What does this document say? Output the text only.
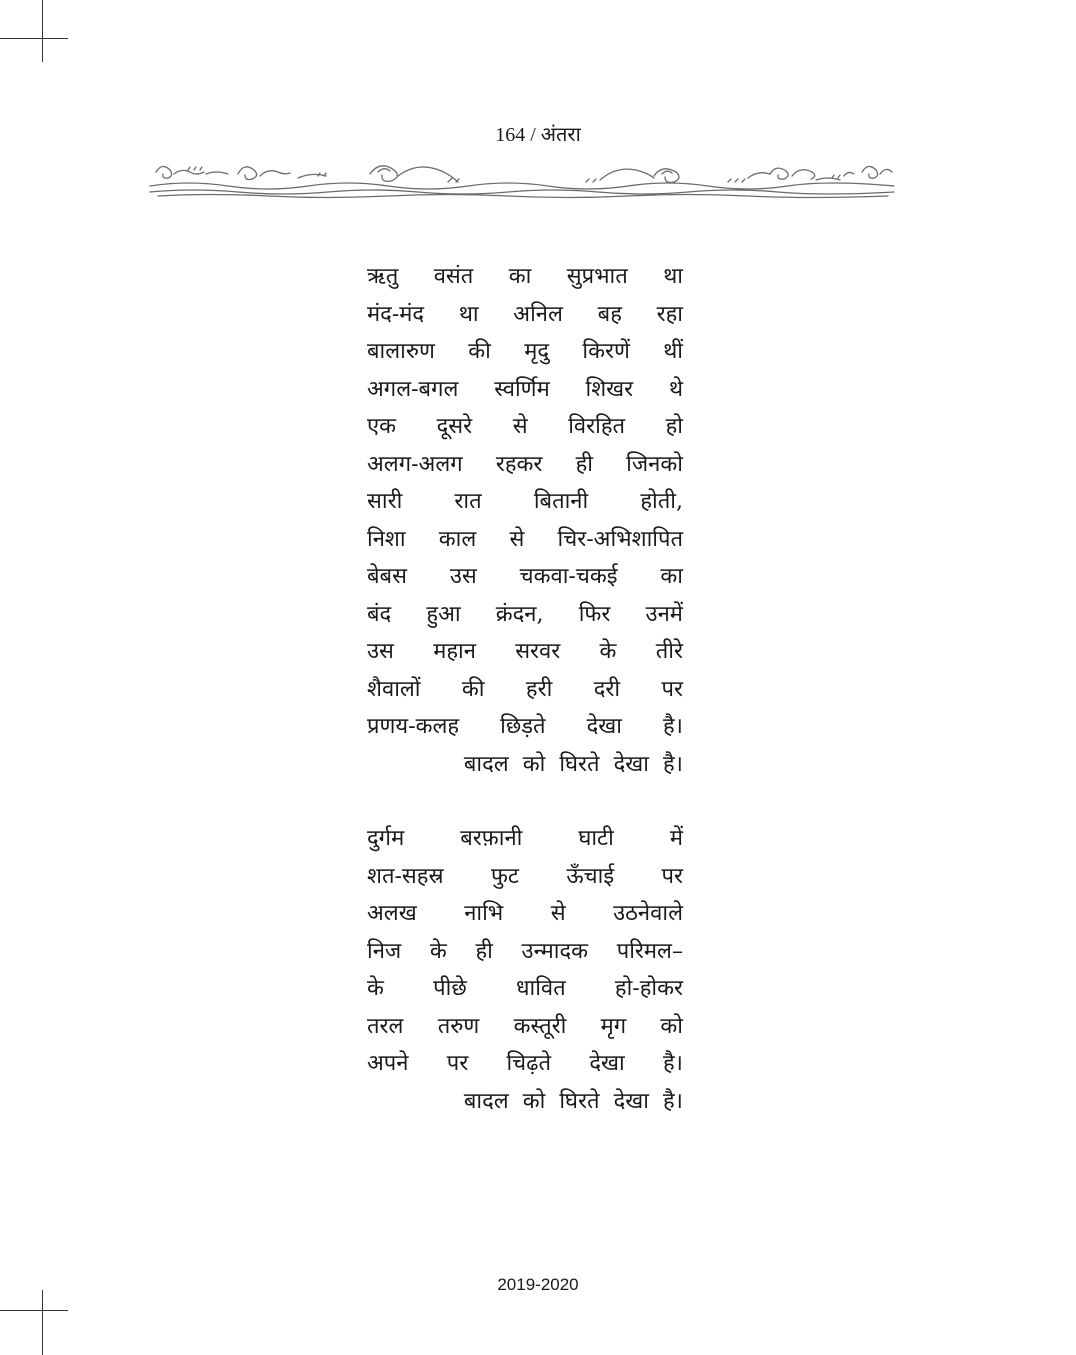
164 / अंतरा
ऋतु वसंत का सुप्रभात था
मंद-मंद था अनिल बह रहा
बालारुण की मृदु किरणें थीं
अगल-बगल स्वर्णिम शिखर थे
एक दूसरे से विरहित हो
अलग-अलग रहकर ही जिनको
सारी रात बितानी होती,
निशा काल से चिर-अभिशापित
बेबस उस चकवा-चकई का
बंद हुआ क्रंदन, फिर उनमें
उस महान सरवर के तीरे
शैवालों की हरी दरी पर
प्रणय-कलह छिड़ते देखा है।
बादल को घिरते देखा है।
दुर्गम	बरफ़ानी	घाटी	में
शत-सहस्र फुट ऊँचाई पर
अलख नाभि से उठनेवाले
निज के ही उन्मादक परिमल–
के पीछे धावित हो-होकर
तरल तरुण कस्तूरी मृग को
अपने पर चिढ़ते देखा है।
बादल को घिरते देखा है।
2019-2020
